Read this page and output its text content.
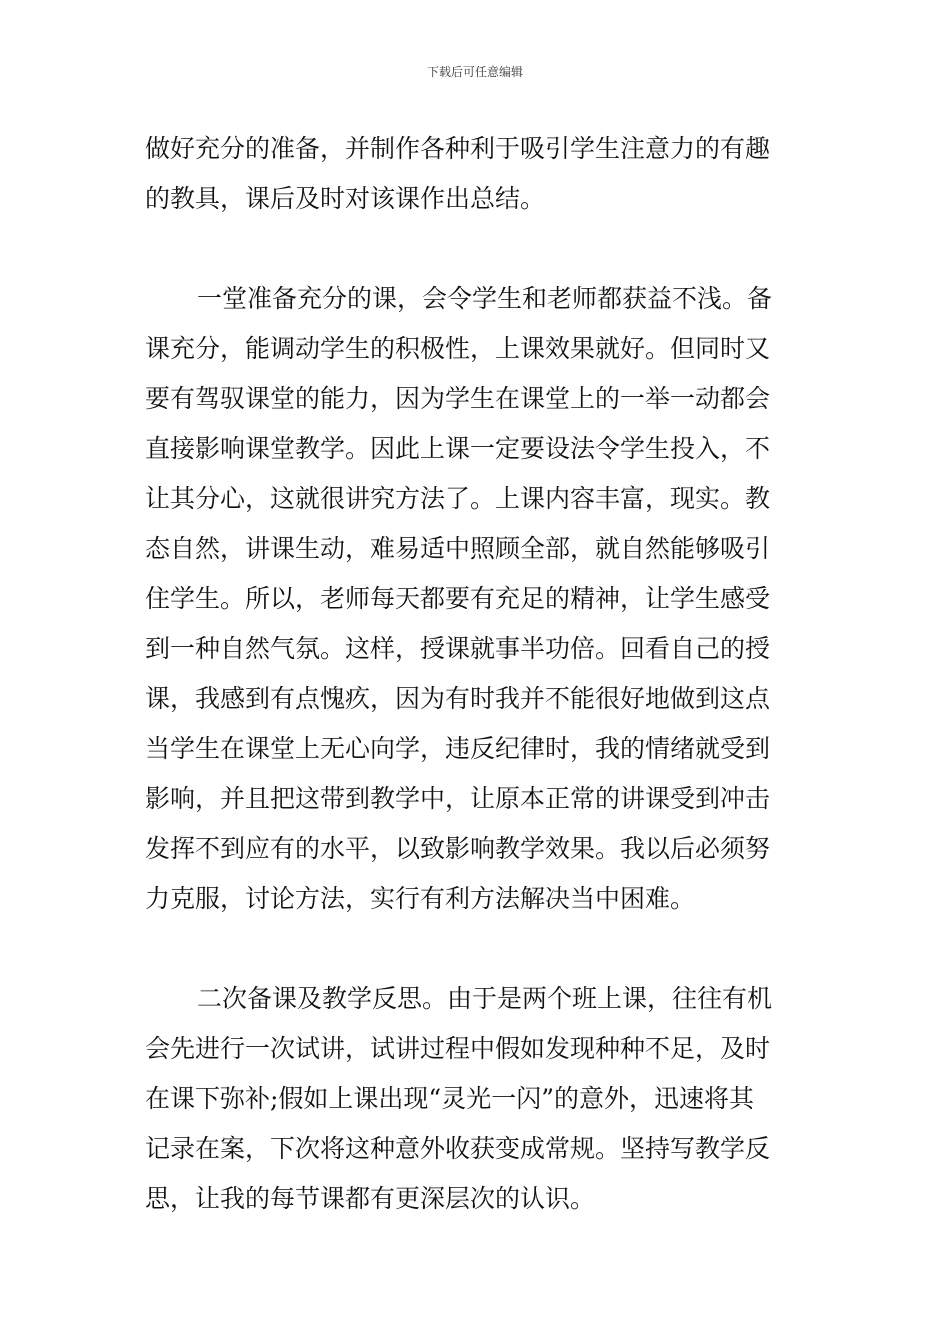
下载后可任意编辑
做好充分的准备，并制作各种利于吸引学生注意力的有趣
的教具，课后及时对该课作出总结。
一堂准备充分的课，会令学生和老师都获益不浅。备
课充分，能调动学生的积极性，上课效果就好。但同时又
要有驾驭课堂的能力，因为学生在课堂上的一举一动都会
直接影响课堂教学。因此上课一定要设法令学生投入，不
让其分心，这就很讲究方法了。上课内容丰富，现实。教
态自然，讲课生动，难易适中照顾全部，就自然能够吸引
住学生。所以，老师每天都要有充足的精神，让学生感受
到一种自然气氛。这样，授课就事半功倍。回看自己的授
课，我感到有点愧疚，因为有时我并不能很好地做到这点
当学生在课堂上无心向学，违反纪律时，我的情绪就受到
影响，并且把这带到教学中，让原本正常的讲课受到冲击
发挥不到应有的水平，以致影响教学效果。我以后必须努
力克服，讨论方法，实行有利方法解决当中困难。
二次备课及教学反思。由于是两个班上课，往往有机
会先进行一次试讲，试讲过程中假如发现种种不足，及时
在课下弥补;假如上课出现“灵光一闪”的意外，迅速将其
记录在案，下次将这种意外收获变成常规。坚持写教学反
思，让我的每节课都有更深层次的认识。
